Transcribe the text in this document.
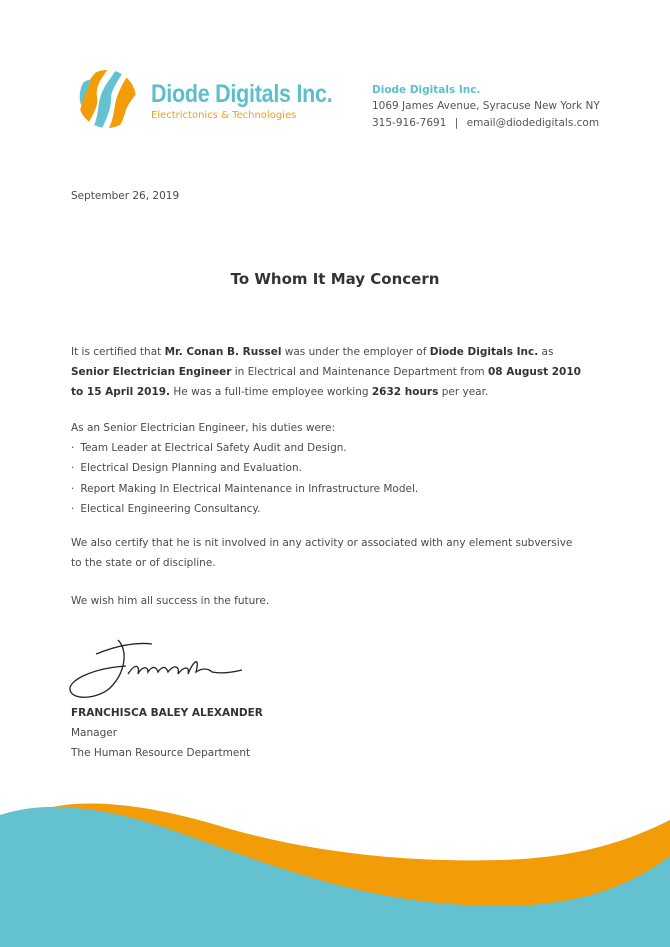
Diode Digitals Inc.
Electrictonics & Technologies
Diode Digitals Inc.
1069 James Avenue, Syracuse New York NY
315-916-7691 | email@diodedigitals.com
September 26, 2019
To Whom It May Concern
It is certified that Mr. Conan B. Russel was under the employer of Diode Digitals Inc. as
Senior Electrician Engineer in Electrical and Maintenance Department from 08 August 2010
to 15 April 2019. He was a full-time employee working 2632 hours per year.
As an Senior Electrician Engineer, his duties were:
· Team Leader at Electrical Safety Audit and Design.
· Electrical Design Planning and Evaluation.
· Report Making In Electrical Maintenance in Infrastructure Model.
· Electical Engineering Consultancy.
We also certify that he is nit involved in any activity or associated with any element subversive
to the state or of discipline.
We wish him all success in the future.
FRANCHISCA BALEY ALEXANDER
Manager
The Human Resource Department
